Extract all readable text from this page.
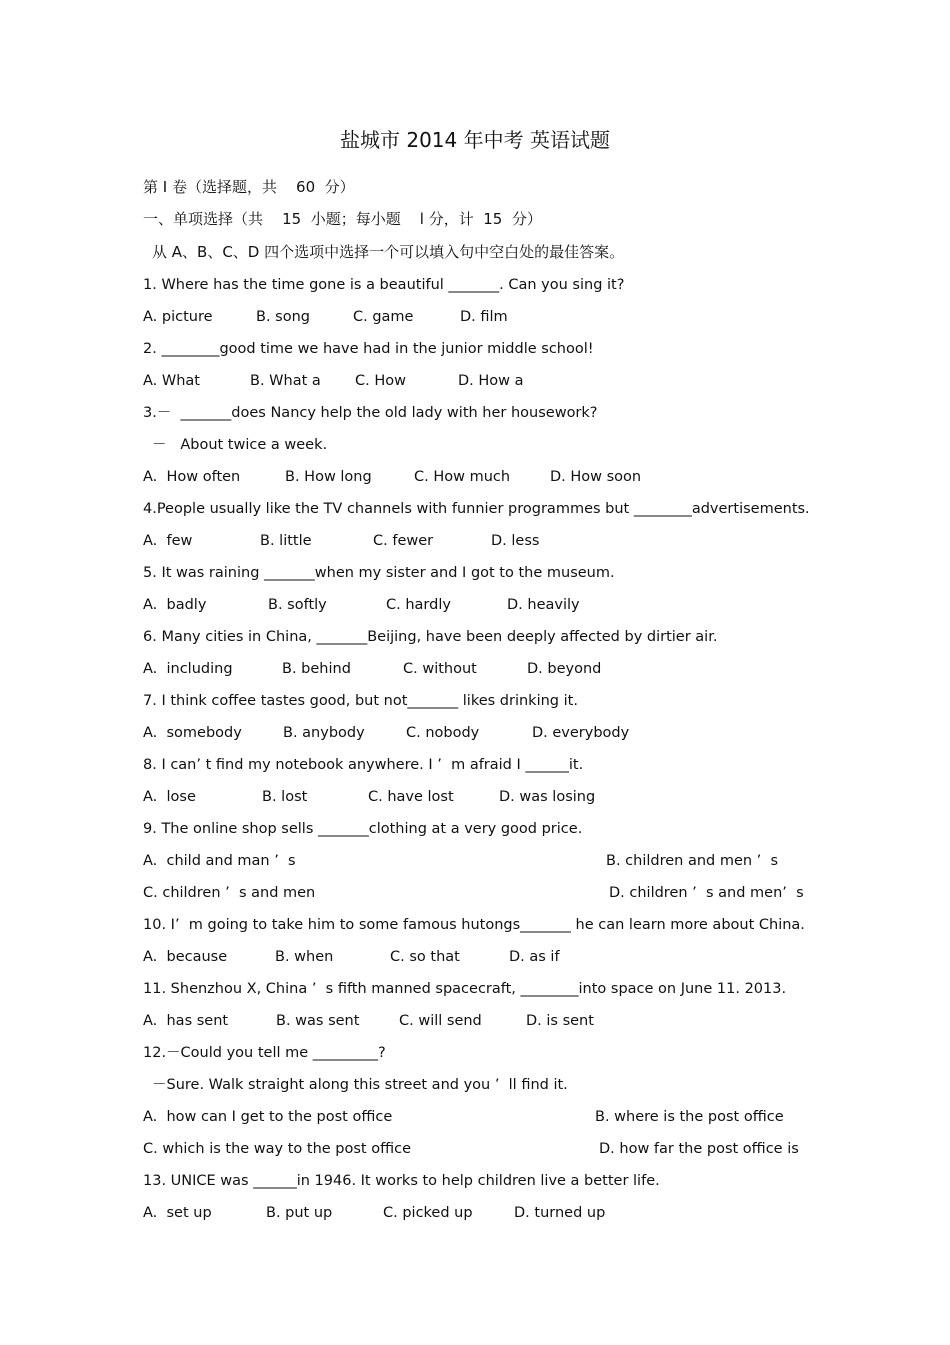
盐城市 2014 年中考 英语试题
第 I 卷（选择题，共    60  分）
一、单项选择（共    15  小题；每小题    l 分，计  15  分）
从 A、B、C、D 四个选项中选择一个可以填入句中空白处的最佳答案。
1. Where has the time gone is a beautiful _______. Can you sing it?
A. picture	B. song	C. game	D. film
2. ________good time we have had in the junior middle school!
A. What	B. What a C. How	D. How a
3.－  _______does Nancy help the old lady with her housework?
－   About twice a week.
A.  How often	B. How long	C. How much	D. How soon
4.People usually like the TV channels with funnier programmes but ________advertisements.
A.  few	B. little	C. fewer	D. less
5. It was raining _______when my sister and I got to the museum.
A.  badly	B. softly	C. hardly	D. heavily
6. Many cities in China, _______Beijing, have been deeply affected by dirtier air.
A.  including	B. behind	C. without	D. beyond
7. I think coffee tastes good, but not_______ likes drinking it.
A.  somebody	B. anybody	C. nobody	D. everybody
8. I can’ t find my notebook anywhere. I ’  m afraid I ______it.
A.  lose	B. lost	C. have lost	D. was losing
9. The online shop sells _______clothing at a very good price.
A.  child and man ’  s	B. children and men ’  s
C. children ’  s and men	D. children ’  s and men’  s
10. I’  m going to take him to some famous hutongs_______ he can learn more about China.
A.  because	B. when	C. so that	D. as if
11. Shenzhou X, China ’  s fifth manned spacecraft, ________into space on June 11. 2013.
A.  has sent	B. was sent	C. will send	D. is sent
12.－Could you tell me _________?
－Sure. Walk straight along this street and you ’  ll find it.
A.  how can I get to the post office	B. where is the post office
C. which is the way to the post office	D. how far the post office is
13. UNICE was ______in 1946. It works to help children live a better life.
A.  set up	B. put up	C. picked up	D. turned up
